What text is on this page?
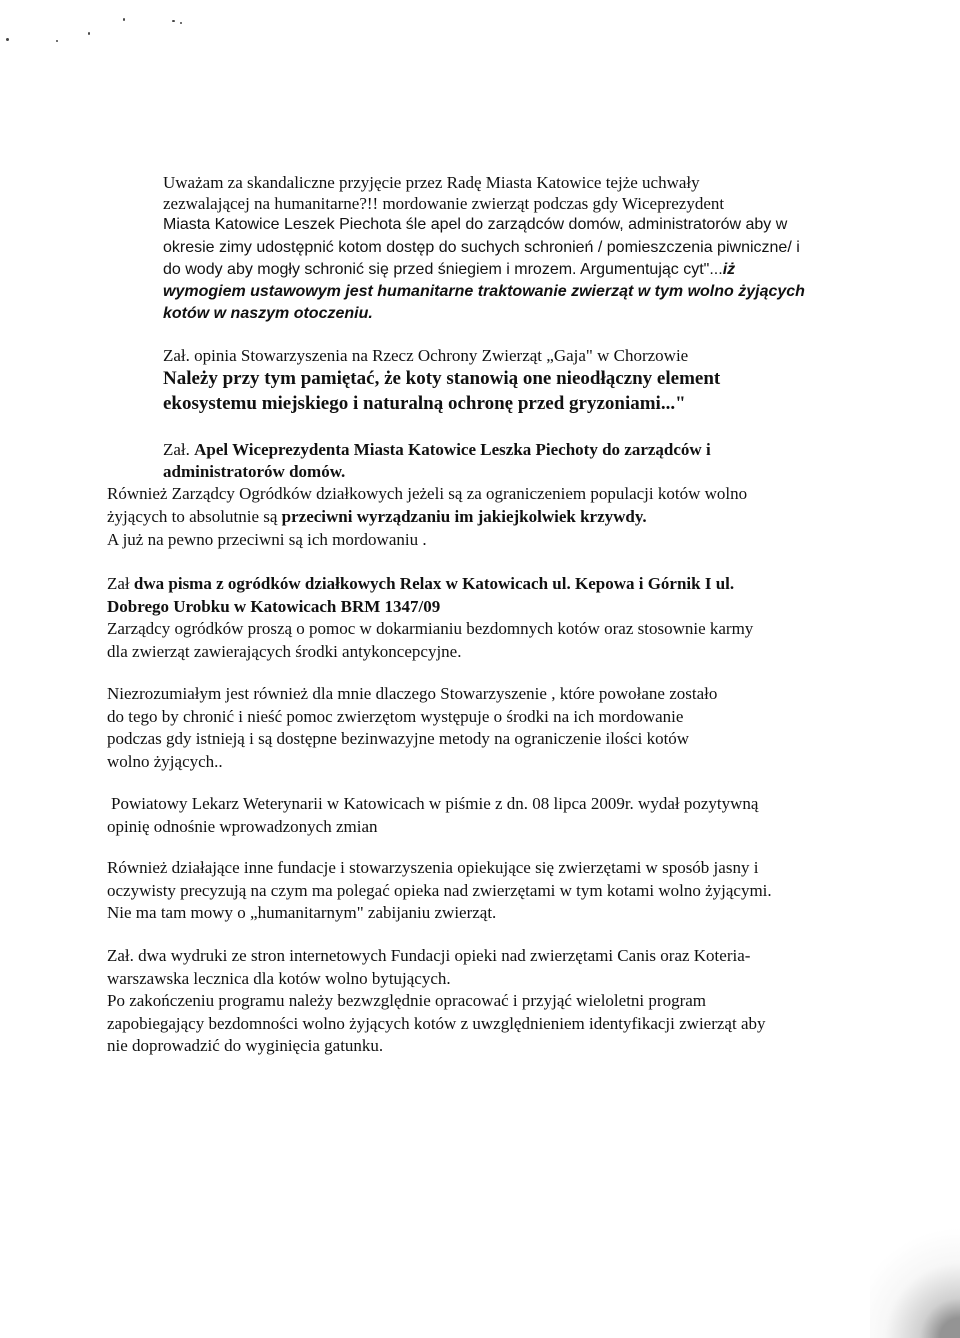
Uważam za skandaliczne przyjęcie przez Radę Miasta Katowice tejże uchwały
zezwalającej na humanitarne?!! mordowanie zwierząt podczas gdy Wiceprezydent
Miasta Katowice Leszek Piechota śle apel do zarządców domów, administratorów aby w
okresie zimy udostępnić kotom dostęp do suchych schronień / pomieszczenia piwniczne/ i
do wody aby mogły schronić się przed śniegiem i mrozem. Argumentując cyt"...iż
wymogiem ustawowym jest humanitarne traktowanie zwierząt w tym wolno żyjących
kotów w naszym otoczeniu.
Zał. opinia Stowarzyszenia na Rzecz Ochrony Zwierząt „Gaja" w Chorzowie
Należy przy tym pamiętać, że koty stanowią one nieodłączny element
ekosystemu miejskiego i naturalną ochronę przed gryzoniami..."
Zał. Apel Wiceprezydenta Miasta Katowice Leszka Piechoty do zarządców i
administratorów domów.
Również Zarządcy Ogródków działkowych jeżeli są za ograniczeniem populacji kotów wolno
żyjących to absolutnie są przeciwni wyrządzaniu im jakiejkolwiek krzywdy.
A już na pewno przeciwni są ich mordowaniu .
Zał dwa pisma z ogródków działkowych Relax w Katowicach ul. Kepowa i Górnik I ul.
Dobrego Urobku w Katowicach BRM 1347/09
Zarządcy ogródków proszą o pomoc w dokarmianiu bezdomnych kotów oraz stosownie karmy
dla zwierząt zawierających środki antykoncepcyjne.
Niezrozumiałym jest również dla mnie dlaczego Stowarzyszenie , które powołane zostało
do tego by chronić i nieść pomoc zwierzętom występuje o środki na ich mordowanie
podczas gdy istnieją i są dostępne bezinwazyjne metody na ograniczenie ilości kotów
wolno żyjących..
Powiatowy Lekarz Weterynarii w Katowicach w piśmie z dn. 08 lipca 2009r. wydał pozytywną
opinię odnośnie wprowadzonych zmian
Również działające inne fundacje i stowarzyszenia opiekujące się zwierzętami w sposób jasny i
oczywisty precyzują na czym ma polegać opieka nad zwierzętami w tym kotami wolno żyjącymi.
Nie ma tam mowy o „humanitarnym" zabijaniu zwierząt.
Zał. dwa wydruki ze stron internetowych Fundacji opieki nad zwierzętami Canis oraz Koteria-
warszawska lecznica dla kotów wolno bytujących.
Po zakończeniu programu należy bezwzględnie opracować i przyjąć wieloletni program
zapobiegający bezdomności wolno żyjących kotów z uwzględnieniem identyfikacji zwierząt aby
nie doprowadzić do wyginięcia gatunku.
